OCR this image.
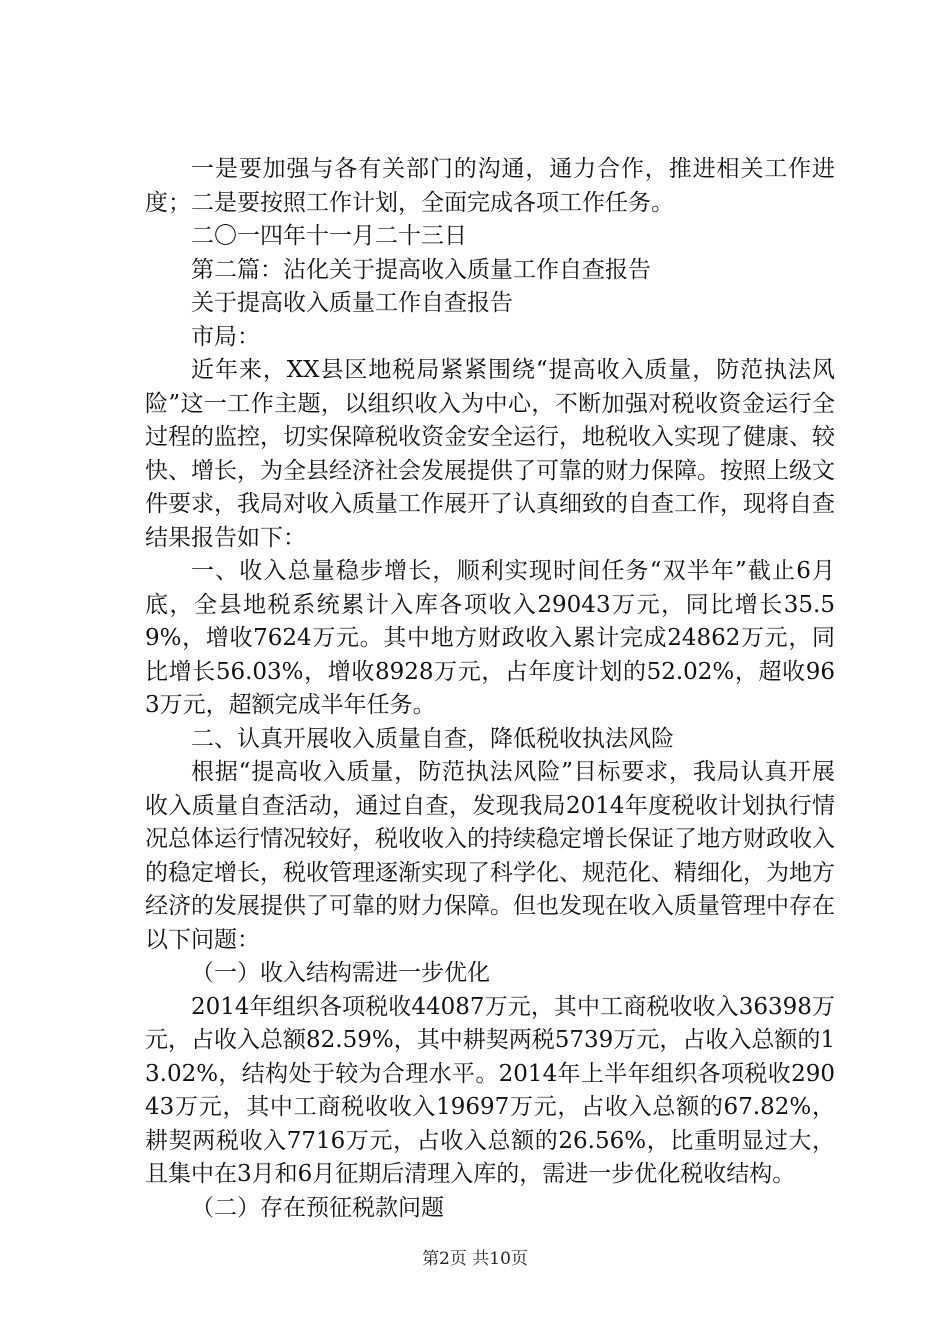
一是要加强与各有关部门的沟通，通力合作，推进相关工作进度；二是要按照工作计划，全面完成各项工作任务。

二〇一四年十一月二十三日

第二篇：沾化关于提高收入质量工作自查报告

关于提高收入质量工作自查报告

市局：

近年来，XX县区地税局紧紧围绕“提高收入质量，防范执法风险”这一工作主题，以组织收入为中心，不断加强对税收资金运行全过程的监控，切实保障税收资金安全运行，地税收入实现了健康、较快、增长，为全县经济社会发展提供了可靠的财力保障。按照上级文件要求，我局对收入质量工作展开了认真细致的自查工作，现将自查结果报告如下：

一、收入总量稳步增长，顺利实现时间任务“双半年”截止6月底，全县地税系统累计入库各项收入29043万元，同比增长35.59%，增收7624万元。其中地方财政收入累计完成24862万元，同比增长56.03%，增收8928万元，占年度计划的52.02%，超收963万元，超额完成半年任务。

二、认真开展收入质量自查，降低税收执法风险

根据“提高收入质量，防范执法风险”目标要求，我局认真开展收入质量自查活动，通过自查，发现我局2014年度税收计划执行情况总体运行情况较好，税收收入的持续稳定增长保证了地方财政收入的稳定增长，税收管理逐渐实现了科学化、规范化、精细化，为地方经济的发展提供了可靠的财力保障。但也发现在收入质量管理中存在以下问题：

（一）收入结构需进一步优化

2014年组织各项税收44087万元，其中工商税收收入36398万元，占收入总额82.59%，其中耕契两税5739万元，占收入总额的13.02%，结构处于较为合理水平。2014年上半年组织各项税收29043万元，其中工商税收收入19697万元，占收入总额的67.82%，耕契两税收入7716万元，占收入总额的26.56%，比重明显过大，且集中在3月和6月征期后清理入库的，需进一步优化税收结构。

（二）存在预征税款问题

第2页 共10页
